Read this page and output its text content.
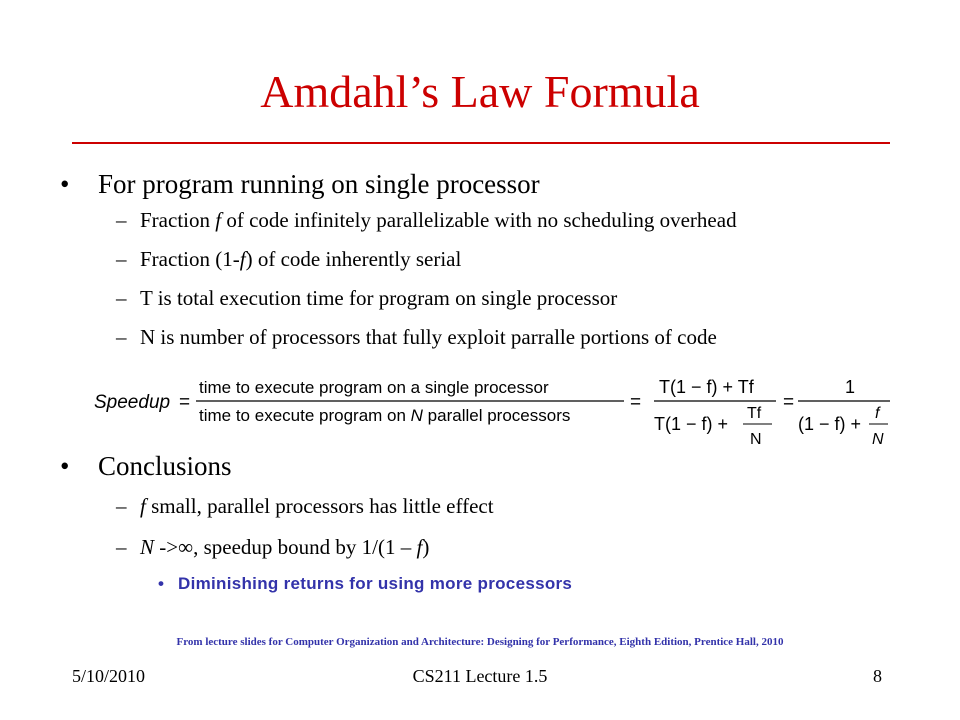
Amdahl’s Law Formula
• For program running on single processor
– Fraction f of code infinitely parallelizable with no scheduling overhead
– Fraction (1-f) of code inherently serial
– T is total execution time for program on single processor
– N is number of processors that fully exploit parralle portions of code
Speedup =
time to execute program on a single processor
time to execute program on N parallel processors
=
T(1 − f) + Tf
T(1 − f) +
Tf
N
=
1
(1 − f) +
f
N
• Conclusions
– f small, parallel processors has little effect
– N ->∞, speedup bound by 1/(1 – f)
• Diminishing returns for using more processors
From lecture slides for Computer Organization and Architecture: Designing for Performance, Eighth Edition, Prentice Hall, 2010
5/10/2010	CS211 Lecture 1.5	8
